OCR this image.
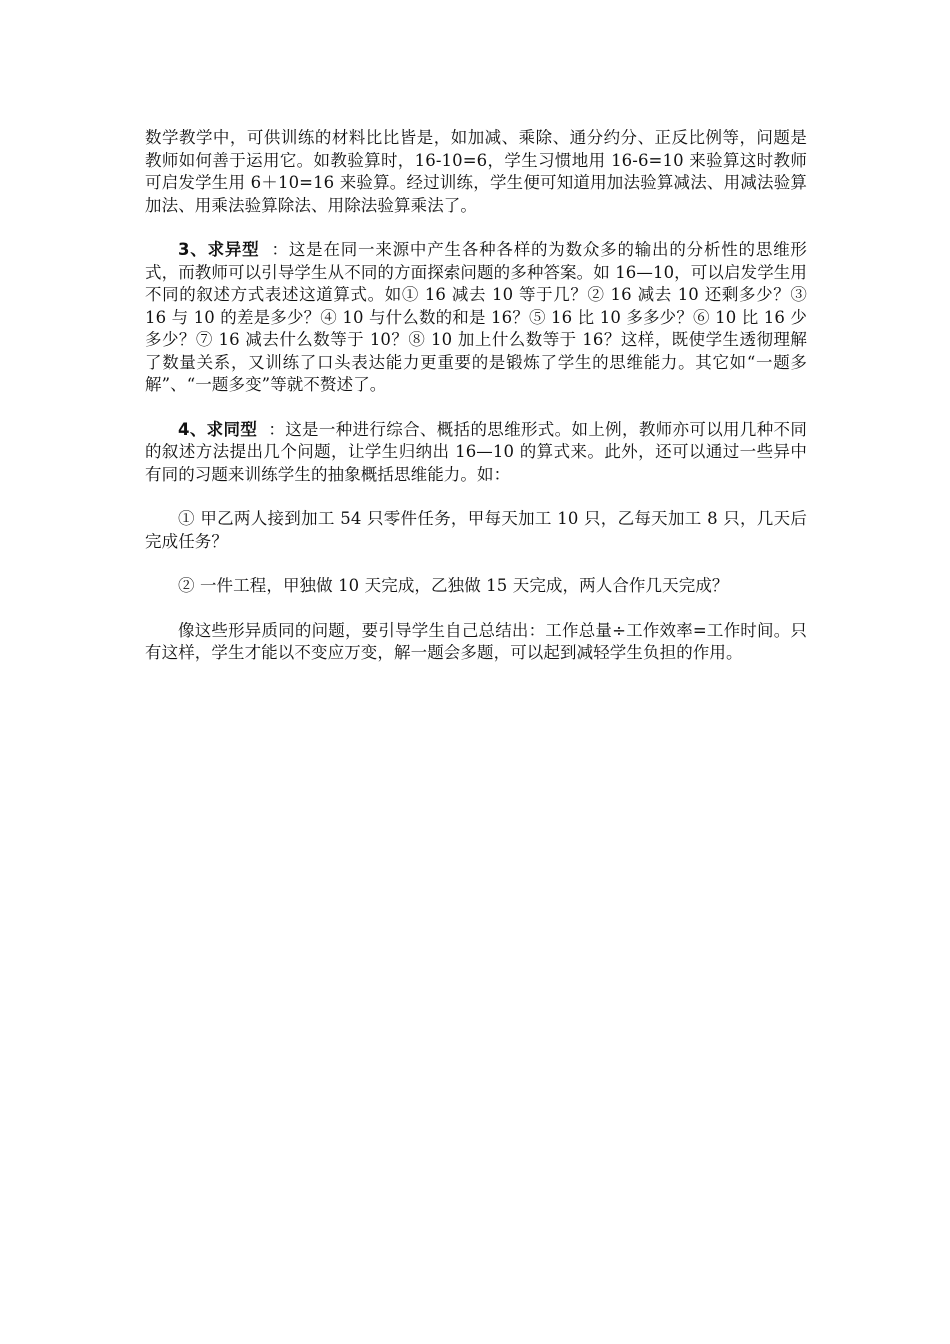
数学教学中，可供训练的材料比比皆是，如加减、乘除、通分约分、正反比例等，问题是教师如何善于运用它。如教验算时，16-10=6，学生习惯地用 16-6=10 来验算这时教师可启发学生用 6＋10=16 来验算。经过训练，学生便可知道用加法验算减法、用减法验算加法、用乘法验算除法、用除法验算乘法了。

3、求异型  ：这是在同一来源中产生各种各样的为数众多的输出的分析性的思维形式，而教师可以引导学生从不同的方面探索问题的多种答案。如 16—10，可以启发学生用不同的叙述方式表述这道算式。如① 16 减去 10 等于几？② 16 减去 10 还剩多少？③ 16 与 10 的差是多少？④ 10 与什么数的和是 16？⑤ 16 比 10 多多少？⑥ 10 比 16 少多少？⑦ 16 减去什么数等于 10？⑧ 10 加上什么数等于 16？这样，既使学生透彻理解了数量关系，又训练了口头表达能力更重要的是锻炼了学生的思维能力。其它如“一题多解”、“一题多变”等就不赘述了。

4、求同型  ：这是一种进行综合、概括的思维形式。如上例，教师亦可以用几种不同的叙述方法提出几个问题，让学生归纳出 16—10 的算式来。此外，还可以通过一些异中有同的习题来训练学生的抽象概括思维能力。如：

① 甲乙两人接到加工 54 只零件任务，甲每天加工 10 只，乙每天加工 8 只，几天后完成任务？

② 一件工程，甲独做 10 天完成，乙独做 15 天完成，两人合作几天完成？

像这些形异质同的问题，要引导学生自己总结出：工作总量÷工作效率=工作时间。只有这样，学生才能以不变应万变，解一题会多题，可以起到减轻学生负担的作用。
